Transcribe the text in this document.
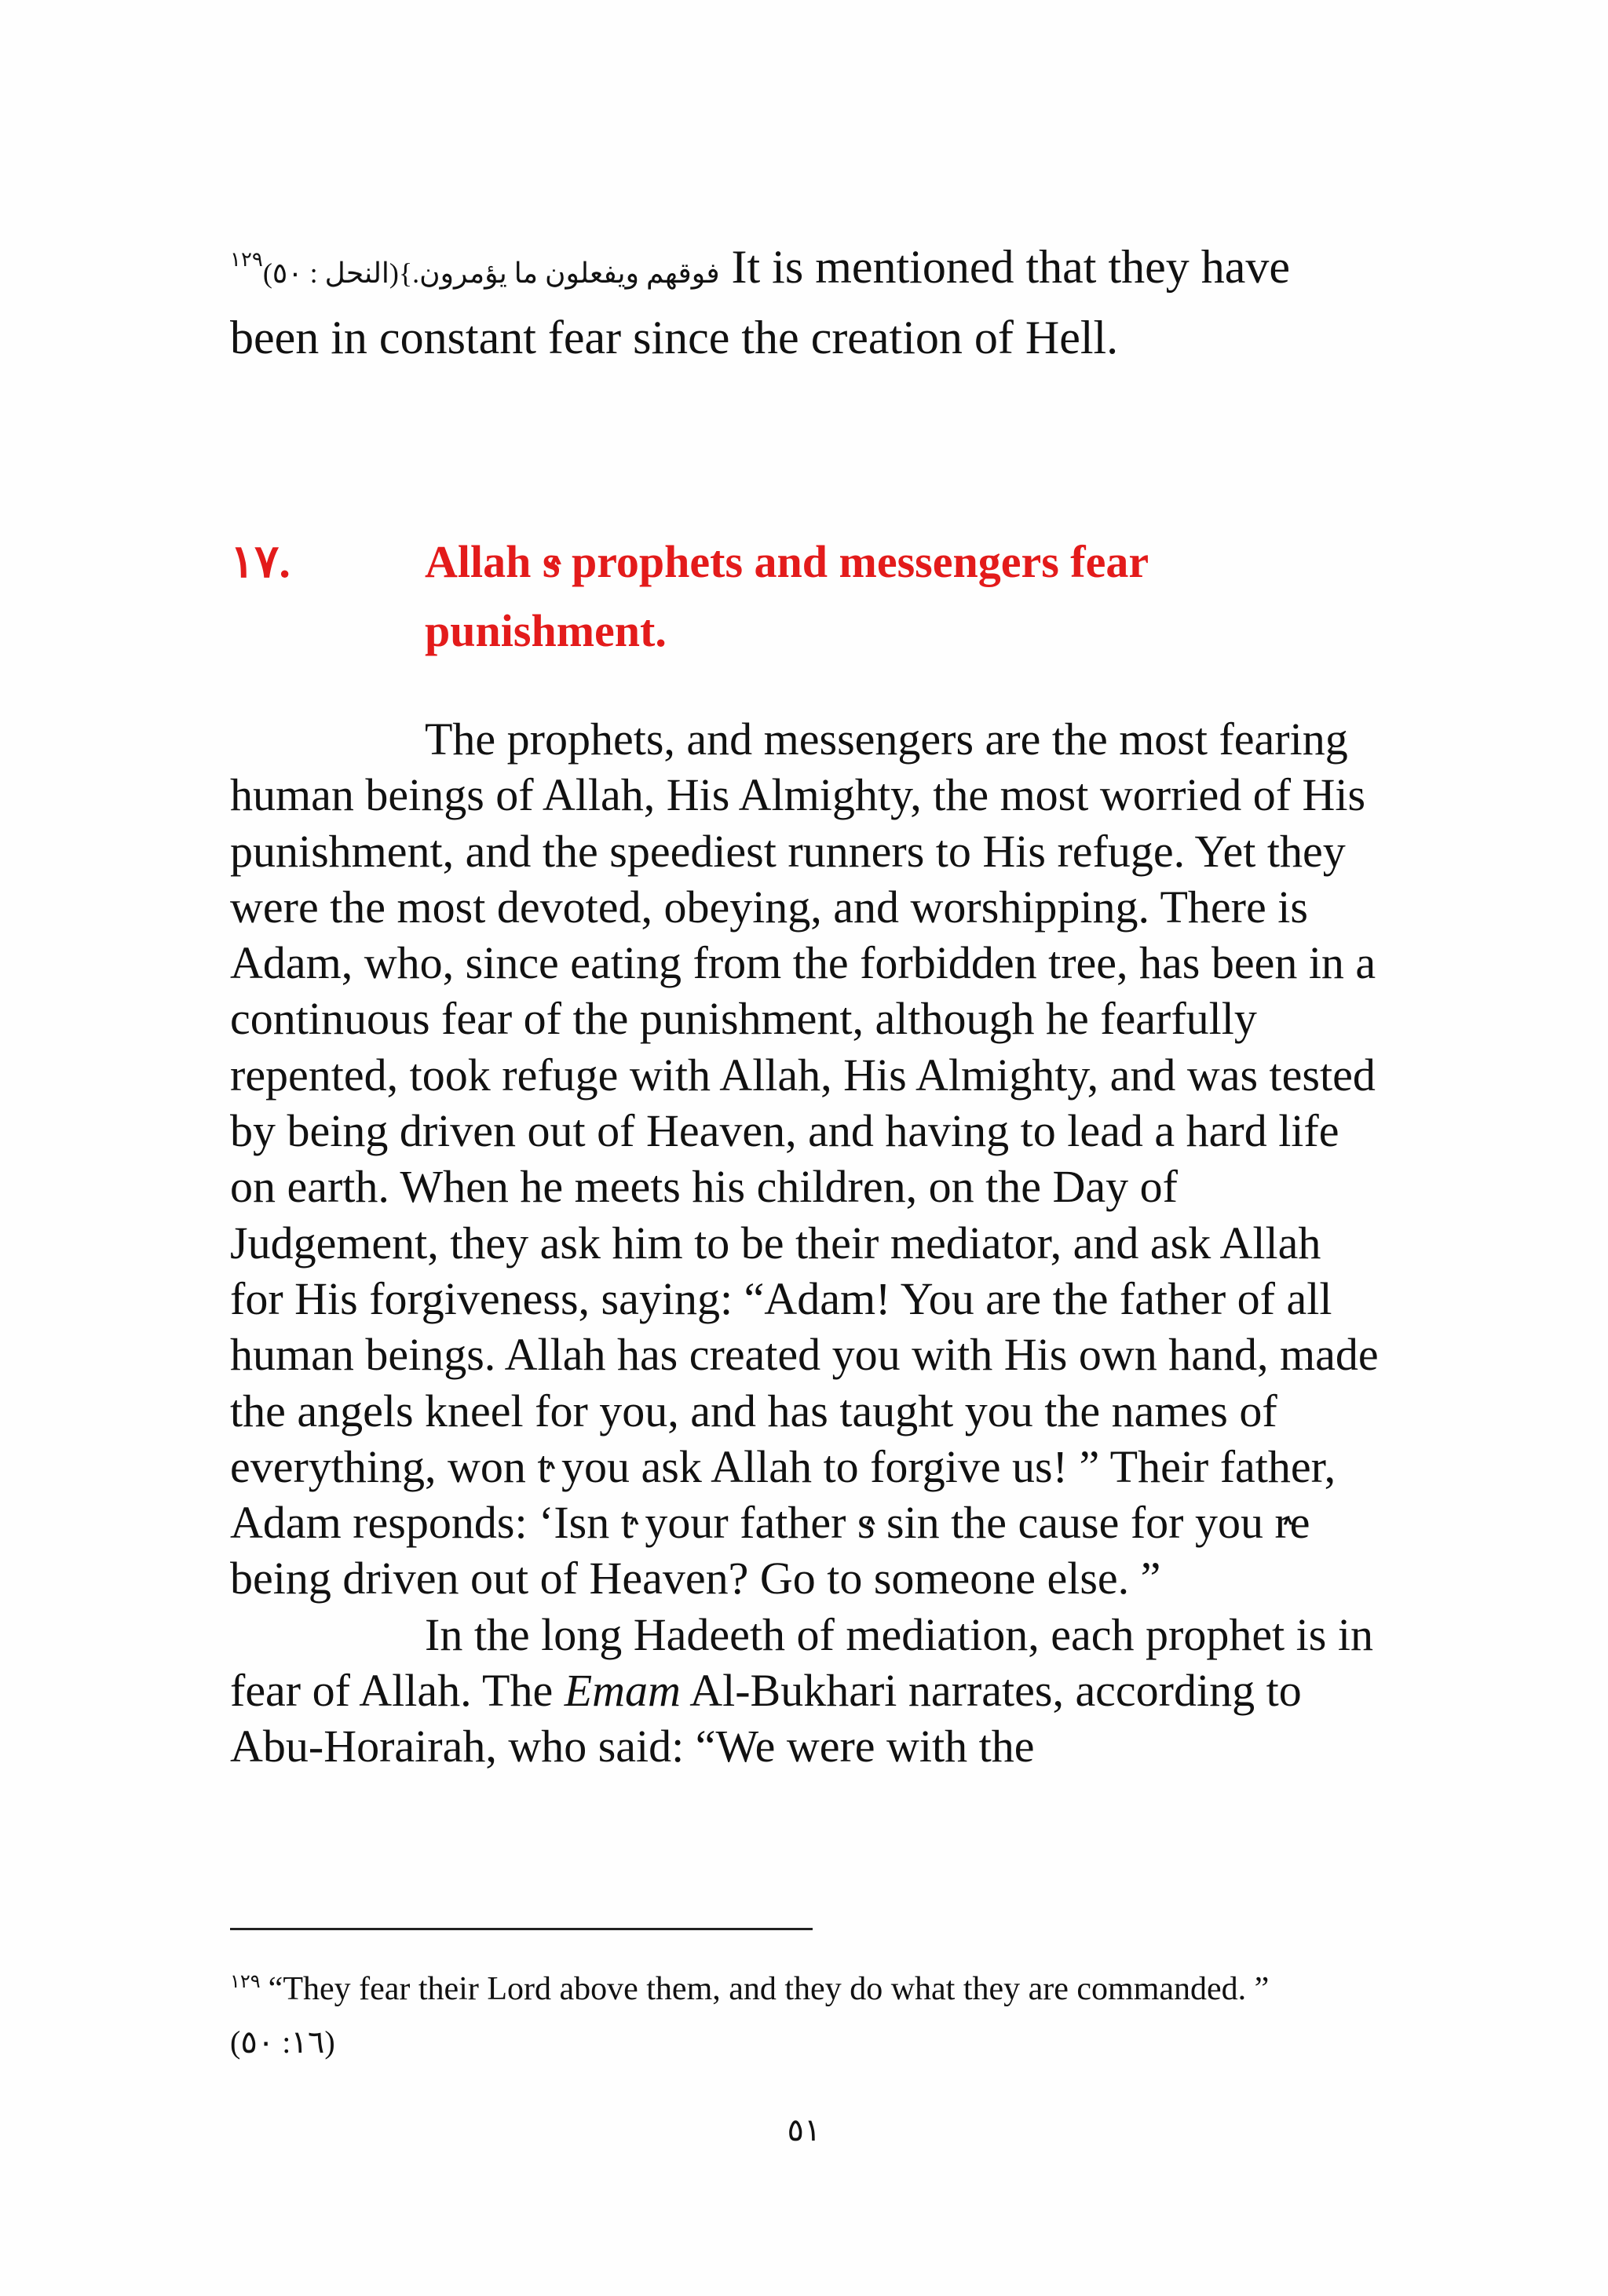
$^{١٢٩}$فوقهم ويفعلون ما يؤمرون.}(النحل : ٥٠) It is mentioned that they have been in constant fear since the creation of Hell.
١٧.	Allah ٛs prophets and messengers fear punishment.

The prophets, and messengers are the most fearing human beings of Allah, His Almighty, the most worried of His punishment, and the speediest runners to His refuge. Yet they were the most devoted, obeying, and worshipping. There is Adam, who, since eating from the forbidden tree, has been in a continuous fear of the punishment, although he fearfully repented, took refuge with Allah, His Almighty, and was tested by being driven out of Heaven, and having to lead a hard life on earth. When he meets his children, on the Day of Judgement, they ask him to be their mediator, and ask Allah for His forgiveness, saying: “Adam! You are the father of all human beings. Allah has created you with His own hand, made the angels kneel for you, and has taught you the names of everything, won ٛt you ask Allah to forgive us! ” Their father, Adam responds: ‘Isn ٛt your father ٛs sin the cause for you ٛre being driven out of Heaven? Go to someone else. ”

In the long Hadeeth of mediation, each prophet is in fear of Allah. The Emam Al-Bukhari narrates, according to Abu-Horairah, who said: “We were with the

$^{١٢٩}$ “They fear their Lord above them, and they do what they are commanded. ”
(١٦: ٥٠)
٥١
